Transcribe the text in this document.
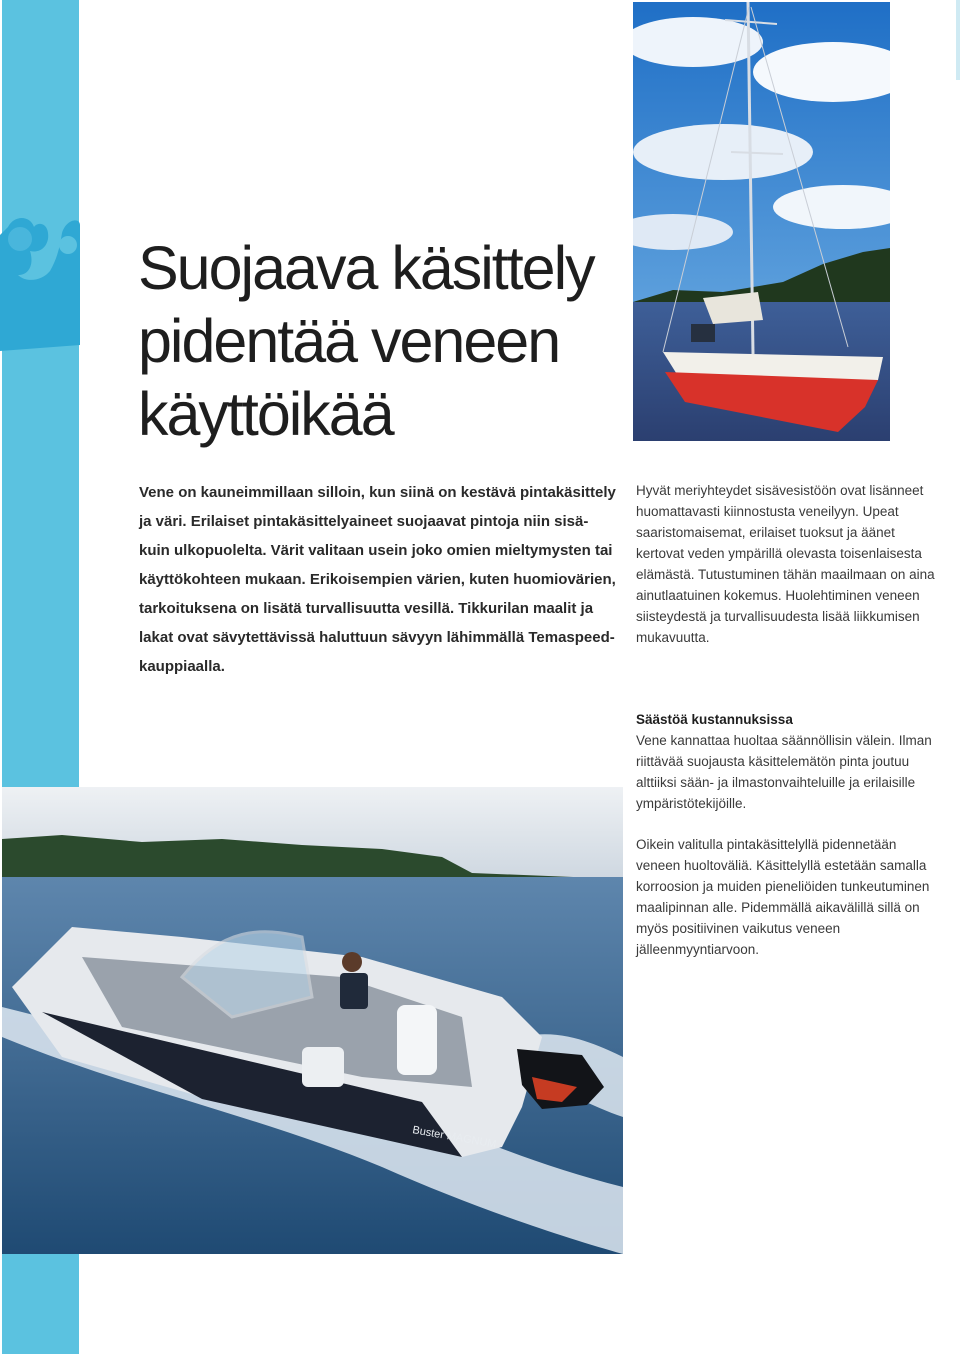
Suojaava käsittely
pidentää veneen
käyttöikää

Vene on kauneimmillaan silloin, kun siinä on kestävä pintakäsittely ja väri. Erilaiset pintakäsittelyaineet suojaavat pintoja niin sisä- kuin ulkopuolelta. Värit valitaan usein joko omien mieltymysten tai käyttökohteen mukaan. Erikoisempien värien, kuten huomiovärien, tarkoituksena on lisätä turvallisuutta vesillä. Tikkurilan maalit ja lakat ovat sävytettävissä haluttuun sävyyn lähimmällä Temaspeed-kauppiaalla.

Buster MAGNUM

Hyvät meriyhteydet sisävesistöön ovat lisänneet huomattavasti kiinnostusta veneilyyn. Upeat saaristomaisemat, erilaiset tuoksut ja äänet kertovat veden ympärillä olevasta toisenlaisesta elämästä. Tutustuminen tähän maailmaan on aina ainutlaatuinen kokemus. Huolehtiminen veneen siisteydestä ja turvallisuudesta lisää liikkumisen mukavuutta.

Säästöä kustannuksissa

Vene kannattaa huoltaa säännöllisin välein. Ilman riittävää suojausta käsittelemätön pinta joutuu alttiiksi sään- ja ilmastonvaihteluille ja erilaisille ympäristötekijöille.

Oikein valitulla pintakäsittelyllä pidennetään veneen huoltoväliä. Käsittelyllä estetään samalla korroosion ja muiden pieneliöiden tunkeutuminen maalipinnan alle. Pidemmällä aikavälillä sillä on myös positiivinen vaikutus veneen jälleenmyyntiarvoon.
